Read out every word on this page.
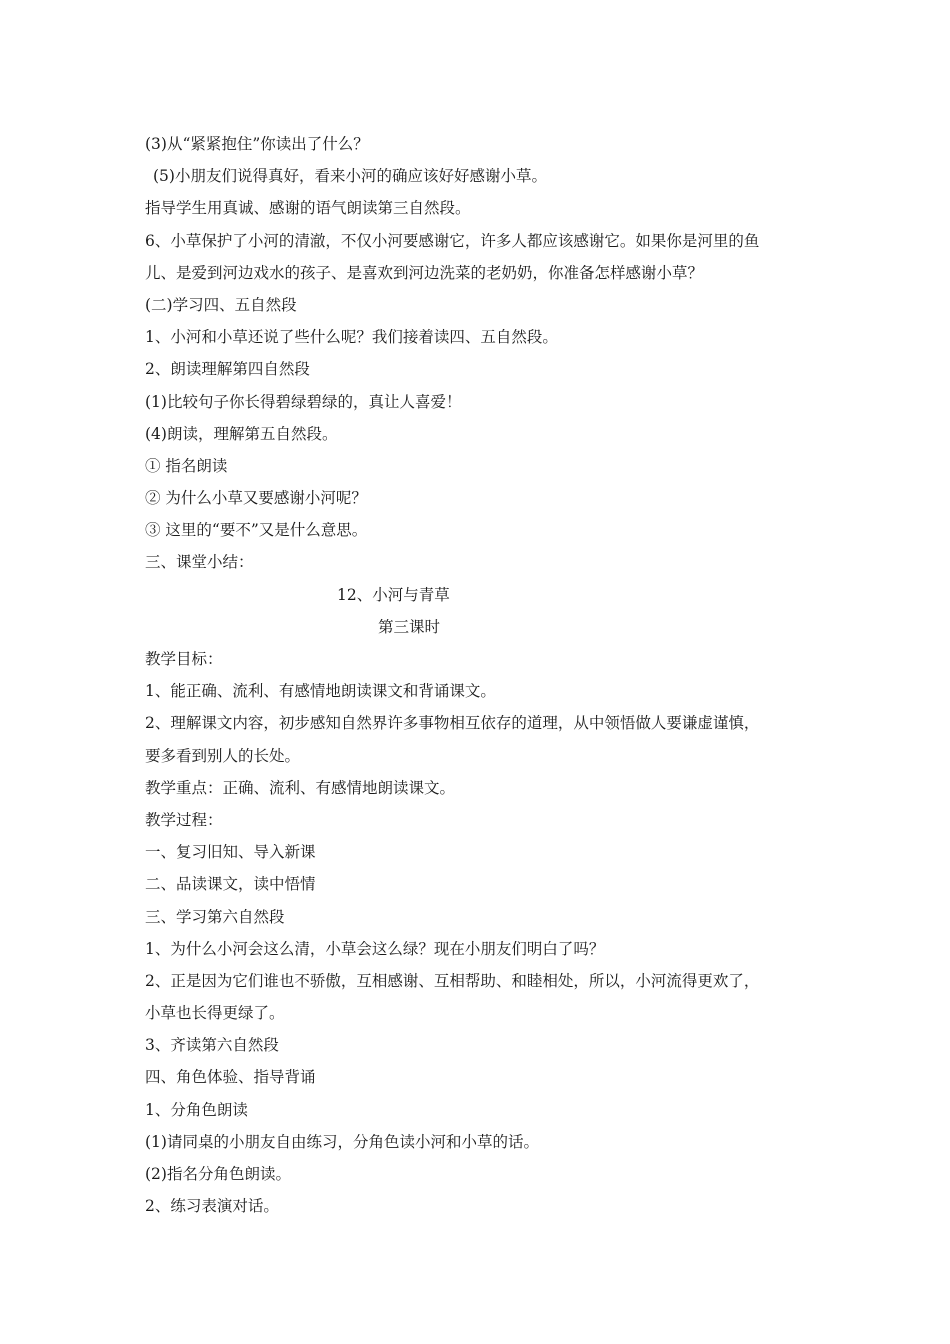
(3)从“紧紧抱住”你读出了什么？
(5)小朋友们说得真好，看来小河的确应该好好感谢小草。
指导学生用真诚、感谢的语气朗读第三自然段。
6、小草保护了小河的清澈，不仅小河要感谢它，许多人都应该感谢它。如果你是河里的鱼
儿、是爱到河边戏水的孩子、是喜欢到河边洗菜的老奶奶，你准备怎样感谢小草？
(二)学习四、五自然段
1、小河和小草还说了些什么呢？我们接着读四、五自然段。
2、朗读理解第四自然段
(1)比较句子你长得碧绿碧绿的，真让人喜爱！
(4)朗读，理解第五自然段。
① 指名朗读
② 为什么小草又要感谢小河呢？
③ 这里的“要不”又是什么意思。
三、课堂小结：
12、小河与青草
第三课时
教学目标：
1、能正确、流利、有感情地朗读课文和背诵课文。
2、理解课文内容，初步感知自然界许多事物相互依存的道理，从中领悟做人要谦虚谨慎，
要多看到别人的长处。
教学重点：正确、流利、有感情地朗读课文。
教学过程：
一、复习旧知、导入新课
二、品读课文，读中悟情
三、学习第六自然段
1、为什么小河会这么清，小草会这么绿？现在小朋友们明白了吗？
2、正是因为它们谁也不骄傲，互相感谢、互相帮助、和睦相处，所以，小河流得更欢了，
小草也长得更绿了。
3、齐读第六自然段
四、角色体验、指导背诵
1、分角色朗读
(1)请同桌的小朋友自由练习，分角色读小河和小草的话。
(2)指名分角色朗读。
2、练习表演对话。
